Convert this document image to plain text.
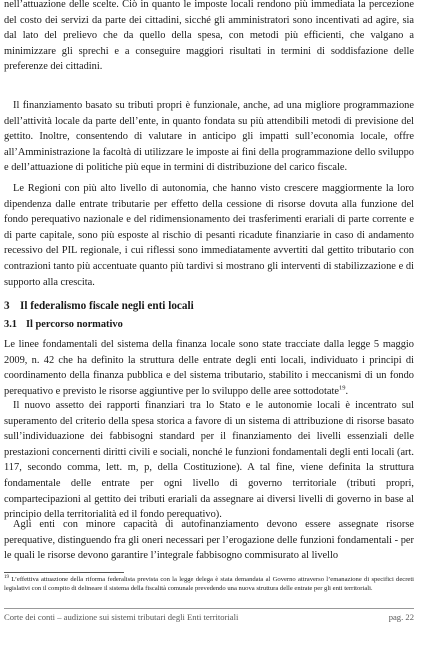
nell’attuazione delle scelte. Ciò in quanto le imposte locali rendono più immediata la percezione del costo dei servizi da parte dei cittadini, sicché gli amministratori sono incentivati ad agire, sia dal lato del prelievo che da quello della spesa, con metodi più efficienti, che valgano a minimizzare gli sprechi e a conseguire maggiori risultati in termini di soddisfazione delle preferenze dei cittadini.

Il finanziamento basato su tributi propri è funzionale, anche, ad una migliore programmazione dell’attività locale da parte dell’ente, in quanto fondata su più attendibili metodi di previsione del gettito. Inoltre, consentendo di valutare in anticipo gli impatti sull’economia locale, offre all’Amministrazione la facoltà di utilizzare le imposte ai fini della programmazione dello sviluppo e dell’attuazione di politiche più eque in termini di distribuzione del carico fiscale.

Le Regioni con più alto livello di autonomia, che hanno visto crescere maggiormente la loro dipendenza dalle entrate tributarie per effetto della cessione di risorse dovuta alla funzione del fondo perequativo nazionale e del ridimensionamento dei trasferimenti erariali di parte corrente e di parte capitale, sono più esposte al rischio di pesanti ricadute finanziarie in caso di andamento recessivo del PIL regionale, i cui riflessi sono immediatamente avvertiti dal gettito tributario con contrazioni tanto più accentuate quanto più tardivi si mostrano gli interventi di stabilizzazione e di supporto alla crescita.

3 Il federalismo fiscale negli enti locali
3.1 Il percorso normativo

Le linee fondamentali del sistema della finanza locale sono state tracciate dalla legge 5 maggio 2009, n. 42 che ha definito la struttura delle entrate degli enti locali, individuato i principi di coordinamento della finanza pubblica e del sistema tributario, stabilito i meccanismi di un fondo perequativo e previsto le risorse aggiuntive per lo sviluppo delle aree sottodotate$^{19}$.

Il nuovo assetto dei rapporti finanziari tra lo Stato e le autonomie locali è incentrato sul superamento del criterio della spesa storica a favore di un sistema di attribuzione di risorse basato sull’individuazione dei fabbisogni standard per il finanziamento dei livelli essenziali delle prestazioni concernenti diritti civili e sociali, nonché le funzioni fondamentali degli enti locali (art. 117, secondo comma, lett. m, p, della Costituzione). A tal fine, viene definita la struttura fondamentale delle entrate per ogni livello di governo territoriale (tributi propri, compartecipazioni al gettito dei tributi erariali da assegnare ai diversi livelli di governo in base al principio della territorialità ed il fondo perequativo).

Agli enti con minore capacità di autofinanziamento devono essere assegnate risorse perequative, distinguendo fra gli oneri necessari per l’erogazione delle funzioni fondamentali - per le quali le risorse devono garantire l’integrale fabbisogno commisurato al livello

$^{19}$ L’effettiva attuazione della riforma federalista prevista con la legge delega è stata demandata al Governo attraverso l’emanazione di specifici decreti legislativi con il compito di delineare il sistema della fiscalità comunale prevedendo una nuova struttura delle entrate per gli enti territoriali.

Corte dei conti – audizione sui sistemi tributari degli Enti territoriali	pag. 22
